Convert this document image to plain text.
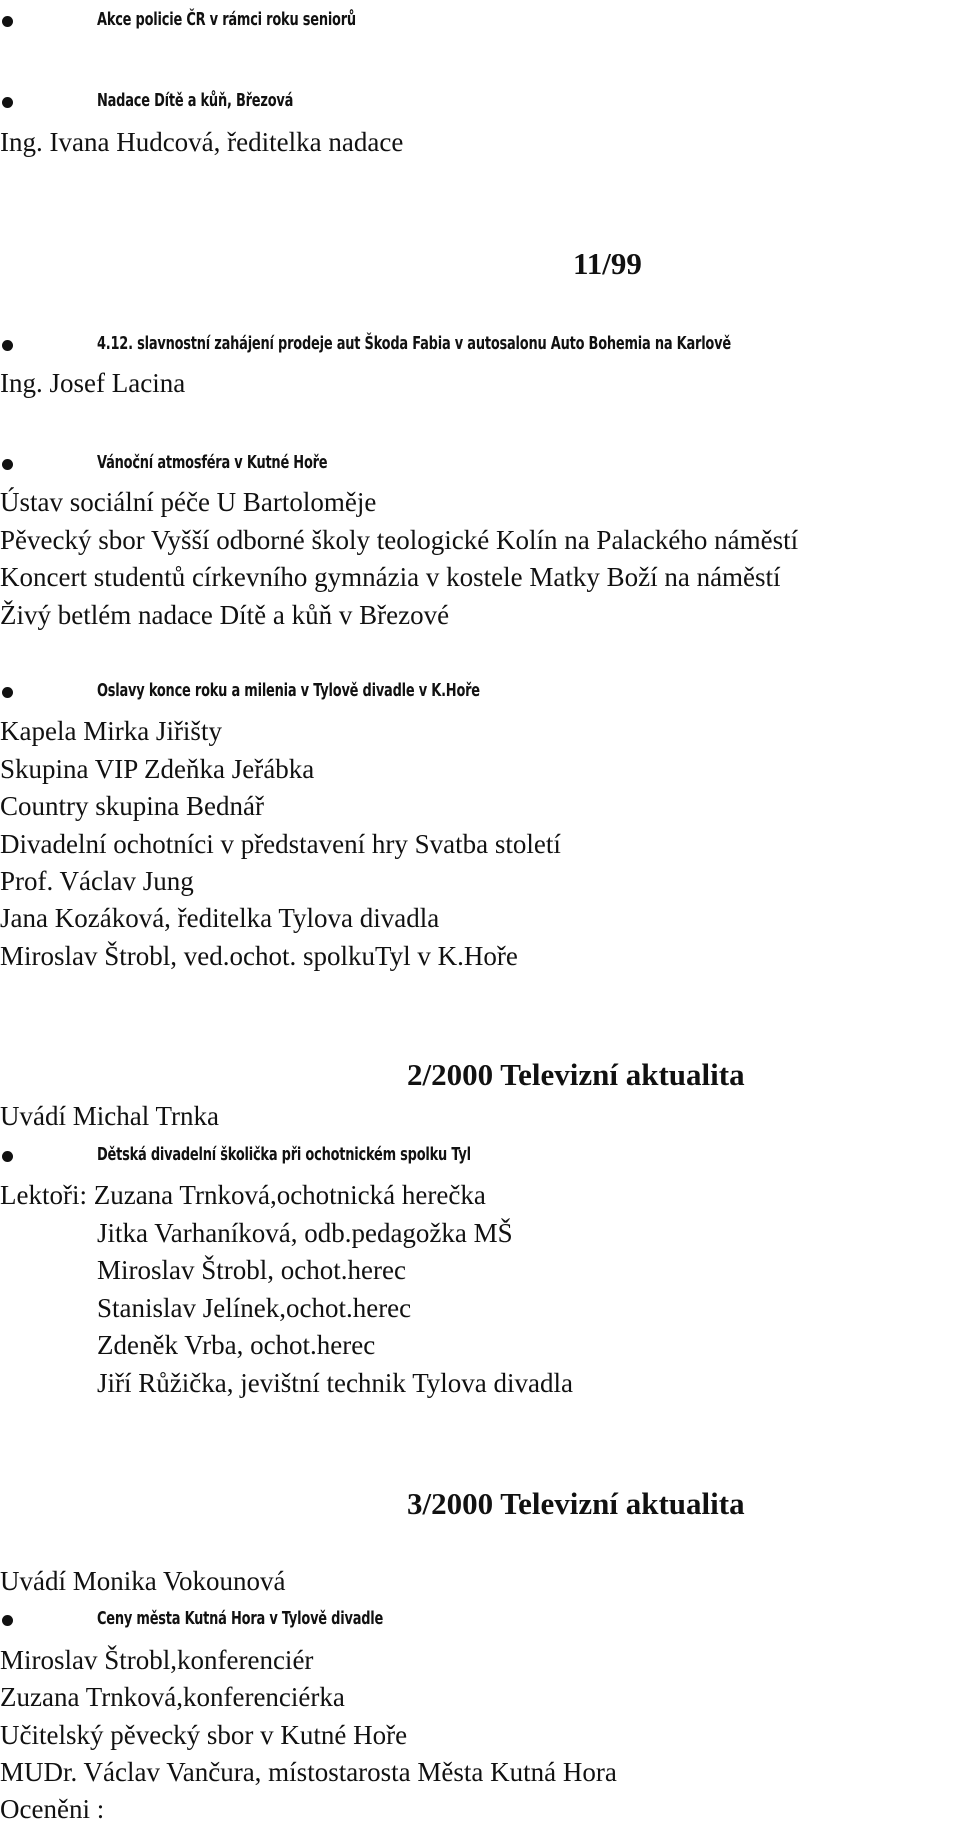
Akce policie ČR v rámci roku seniorů
Nadace Dítě a kůň, Březová
Ing. Ivana Hudcová, ředitelka nadace
11/99
4.12. slavnostní zahájení prodeje aut Škoda Fabia v autosalonu Auto Bohemia na Karlově
Ing. Josef Lacina
Vánoční atmosféra v Kutné Hoře
Ústav sociální péče U Bartoloměje
Pěvecký sbor Vyšší odborné školy teologické Kolín na Palackého náměstí
Koncert studentů církevního gymnázia v kostele Matky Boží na náměstí
Živý betlém nadace Dítě a kůň v Březové
Oslavy konce roku a milenia v Tylově divadle v K.Hoře
Kapela Mirka Jiřišty
Skupina VIP Zdeňka Jeřábka
Country skupina Bednář
Divadelní ochotníci v představení hry Svatba století
Prof. Václav Jung
Jana Kozáková, ředitelka Tylova divadla
Miroslav Štrobl, ved.ochot. spolkuTyl v K.Hoře
2/2000 Televizní aktualita
Uvádí Michal Trnka
Dětská divadelní školička při ochotnickém spolku Tyl
Lektoři: Zuzana Trnková,ochotnická herečka
Jitka Varhaníková, odb.pedagožka MŠ
Miroslav Štrobl, ochot.herec
Stanislav Jelínek,ochot.herec
Zdeněk Vrba, ochot.herec
Jiří Růžička, jevištní technik Tylova divadla
3/2000 Televizní aktualita
Uvádí Monika Vokounová
Ceny města Kutná Hora v Tylově divadle
Miroslav Štrobl,konferenciér
Zuzana Trnková,konferenciérka
Učitelský pěvecký sbor v Kutné Hoře
MUDr. Václav Vančura, místostarosta Města Kutná Hora
Oceněni :
